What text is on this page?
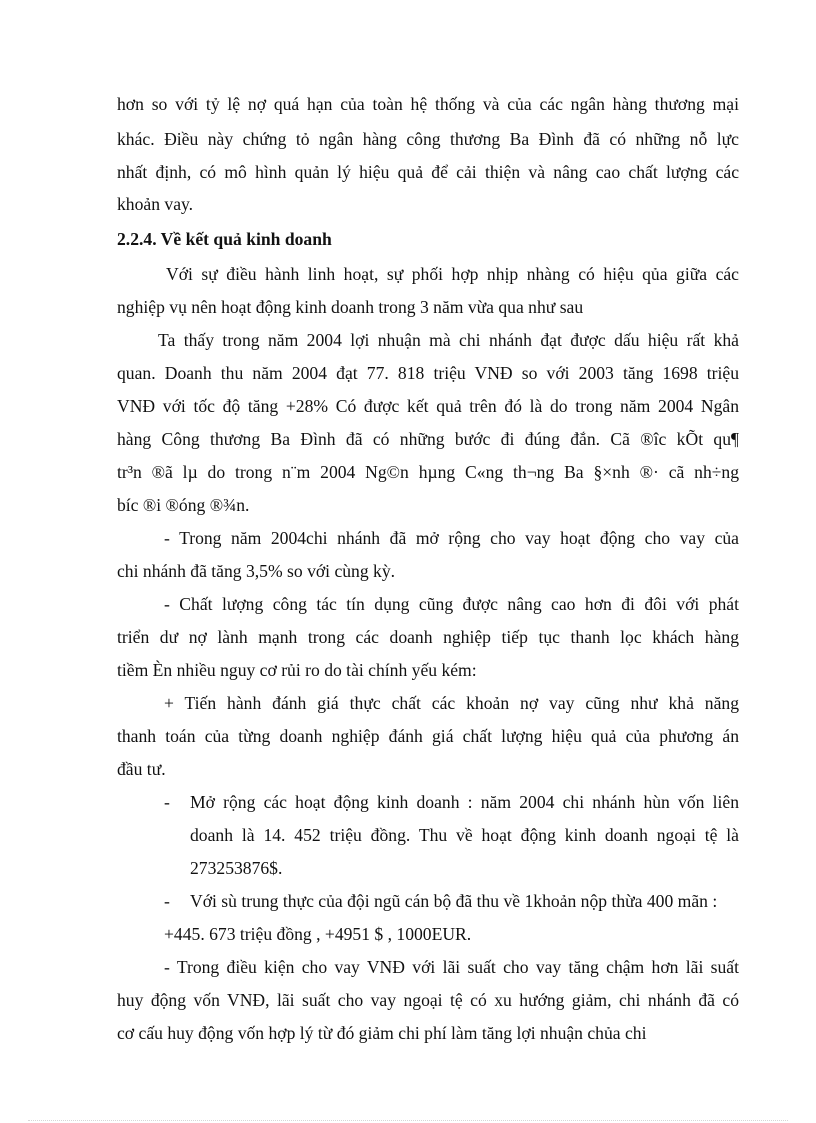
hơn so với tỷ lệ nợ quá hạn của toàn hệ thống và của các ngân hàng thương mại
khác. Điều này chứng tỏ ngân hàng công thương Ba Đình đã có những nỗ lực
nhất định, có mô hình quản lý hiệu quả để cải thiện và nâng cao chất lượng các
khoản vay.
2.2.4. Về kết quả kinh doanh
Với sự điều hành linh hoạt, sự phối hợp nhịp nhàng có hiệu qủa giữa các
nghiệp vụ nên hoạt động kinh doanh trong 3 năm vừa qua như sau
Ta thấy trong năm 2004 lợi nhuận mà chi nhánh đạt được dấu hiệu rất khả
quan. Doanh thu năm 2004 đạt 77. 818 triệu VNĐ so với 2003 tăng 1698 triệu
VNĐ với tốc độ tăng +28% Có được kết quả trên đó là do trong năm 2004 Ngân
hàng Công thương Ba Đình đã có những bước đi đúng đắn. Cã ®îc kÕt qu¶
tr³n ®ã lµ do trong n¨m 2004 Ng©n hµng C«ng th¬ng Ba §×nh ®· cã nh÷ng
bíc ®i ®óng ®¾n.
- Trong năm 2004chi nhánh đã mở rộng cho vay hoạt động cho vay của
chi nhánh đã tăng 3,5% so với cùng kỳ.
- Chất lượng công tác tín dụng cũng được nâng cao hơn đi đôi với phát
triển dư nợ lành mạnh trong các doanh nghiệp tiếp tục thanh lọc khách hàng
tiềm Èn nhiều nguy cơ rủi ro do tài chính yếu kém:
+ Tiến hành đánh giá thực chất các khoản nợ vay cũng như khả năng
thanh toán của từng doanh nghiệp đánh giá chất lượng hiệu quả của phương án
đầu tư.
-	Mở rộng các hoạt động kinh doanh : năm 2004 chi nhánh hùn vốn liên
doanh là 14. 452 triệu đồng. Thu về hoạt động kinh doanh ngoại tệ là
273253876$.
-	Với sù trung thực của đội ngũ cán bộ đã thu về 1khoản nộp thừa 400 mãn :
+445. 673 triệu đồng , +4951 $ , 1000EUR.
- Trong điều kiện cho vay VNĐ với lãi suất cho vay tăng chậm hơn lãi suất
huy động vốn VNĐ, lãi suất cho vay ngoại tệ có xu hướng giảm, chi nhánh đã có
cơ cấu huy động vốn hợp lý từ đó giảm chi phí làm tăng lợi nhuận chủa chi
